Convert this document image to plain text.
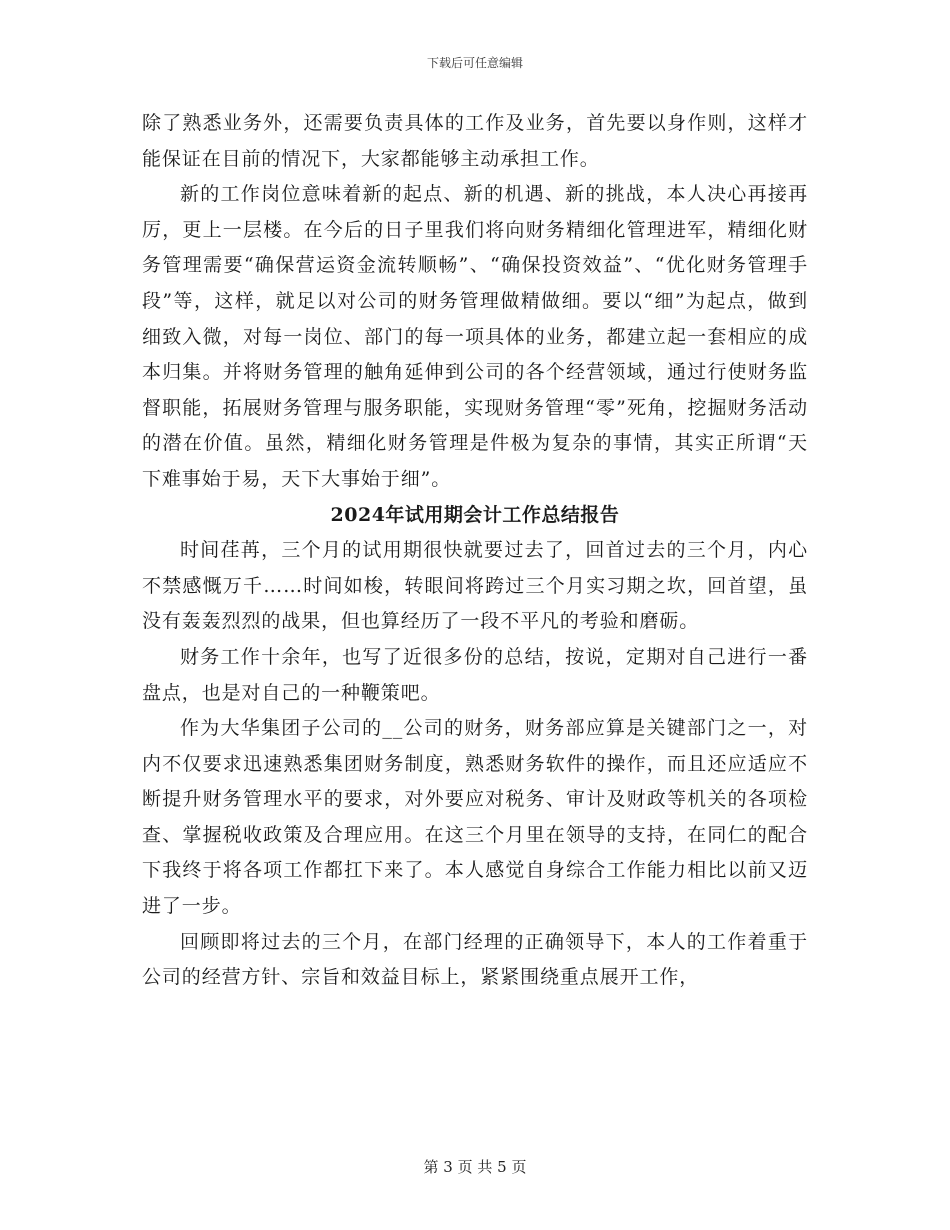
下载后可任意编辑

除了熟悉业务外，还需要负责具体的工作及业务，首先要以身作则，这样才能保证在目前的情况下，大家都能够主动承担工作。

新的工作岗位意味着新的起点、新的机遇、新的挑战，本人决心再接再厉，更上一层楼。在今后的日子里我们将向财务精细化管理进军，精细化财务管理需要“确保营运资金流转顺畅”、“确保投资效益”、“优化财务管理手段”等，这样，就足以对公司的财务管理做精做细。要以“细”为起点，做到细致入微，对每一岗位、部门的每一项具体的业务，都建立起一套相应的成本归集。并将财务管理的触角延伸到公司的各个经营领域，通过行使财务监督职能，拓展财务管理与服务职能，实现财务管理“零”死角，挖掘财务活动的潜在价值。虽然，精细化财务管理是件极为复杂的事情，其实正所谓“天下难事始于易，天下大事始于细”。

2024年试用期会计工作总结报告

时间荏苒，三个月的试用期很快就要过去了，回首过去的三个月，内心不禁感慨万千……时间如梭，转眼间将跨过三个月实习期之坎，回首望，虽没有轰轰烈烈的战果，但也算经历了一段不平凡的考验和磨砺。

财务工作十余年，也写了近很多份的总结，按说，定期对自己进行一番盘点，也是对自己的一种鞭策吧。

作为大华集团子公司的__公司的财务，财务部应算是关键部门之一，对内不仅要求迅速熟悉集团财务制度，熟悉财务软件的操作，而且还应适应不断提升财务管理水平的要求，对外要应对税务、审计及财政等机关的各项检查、掌握税收政策及合理应用。在这三个月里在领导的支持，在同仁的配合下我终于将各项工作都扛下来了。本人感觉自身综合工作能力相比以前又迈进了一步。

回顾即将过去的三个月，在部门经理的正确领导下，本人的工作着重于公司的经营方针、宗旨和效益目标上，紧紧围绕重点展开工作，

第 3 页 共 5 页
